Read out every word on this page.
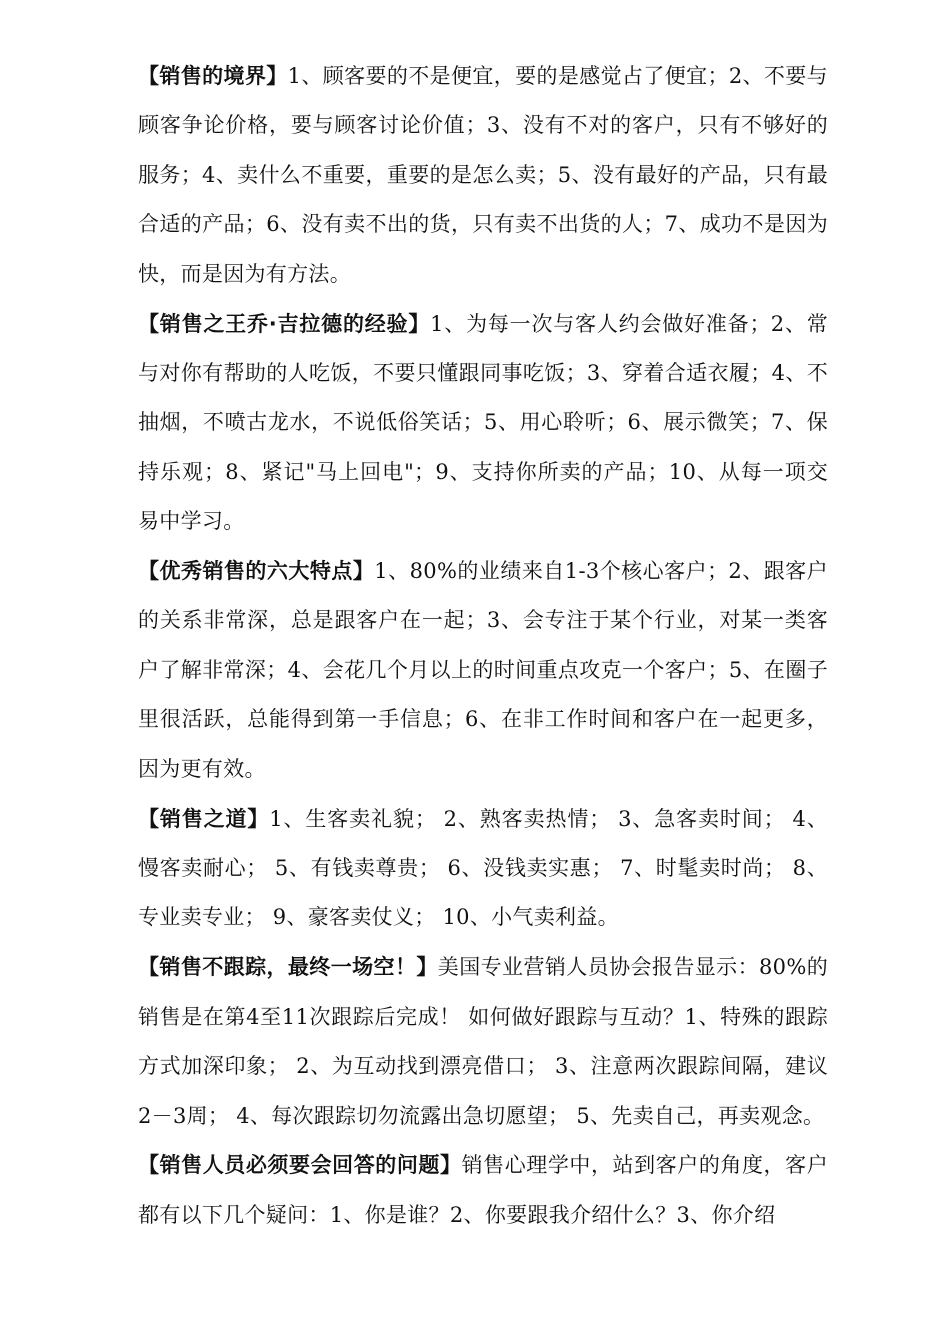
【销售的境界】1、顾客要的不是便宜，要的是感觉占了便宜；2、不要与顾客争论价格，要与顾客讨论价值；3、没有不对的客户，只有不够好的服务；4、卖什么不重要，重要的是怎么卖；5、没有最好的产品，只有最合适的产品；6、没有卖不出的货，只有卖不出货的人；7、成功不是因为快，而是因为有方法。

【销售之王乔·吉拉德的经验】1、为每一次与客人约会做好准备；2、常与对你有帮助的人吃饭，不要只懂跟同事吃饭；3、穿着合适衣履；4、不抽烟，不喷古龙水，不说低俗笑话；5、用心聆听；6、展示微笑；7、保持乐观；8、紧记"马上回电"；9、支持你所卖的产品；10、从每一项交易中学习。

【优秀销售的六大特点】1、80%的业绩来自1-3个核心客户；2、跟客户的关系非常深，总是跟客户在一起；3、会专注于某个行业，对某一类客户了解非常深；4、会花几个月以上的时间重点攻克一个客户；5、在圈子里很活跃，总能得到第一手信息；6、在非工作时间和客户在一起更多，因为更有效。

【销售之道】1、生客卖礼貌； 2、熟客卖热情； 3、急客卖时间； 4、慢客卖耐心； 5、有钱卖尊贵； 6、没钱卖实惠； 7、时髦卖时尚； 8、专业卖专业； 9、豪客卖仗义； 10、小气卖利益。

【销售不跟踪，最终一场空！】美国专业营销人员协会报告显示：80%的销售是在第4至11次跟踪后完成！ 如何做好跟踪与互动？1、特殊的跟踪方式加深印象； 2、为互动找到漂亮借口； 3、注意两次跟踪间隔，建议2－3周； 4、每次跟踪切勿流露出急切愿望； 5、先卖自己，再卖观念。

【销售人员必须要会回答的问题】销售心理学中，站到客户的角度，客户都有以下几个疑问：1、你是谁？2、你要跟我介绍什么？3、你介绍
